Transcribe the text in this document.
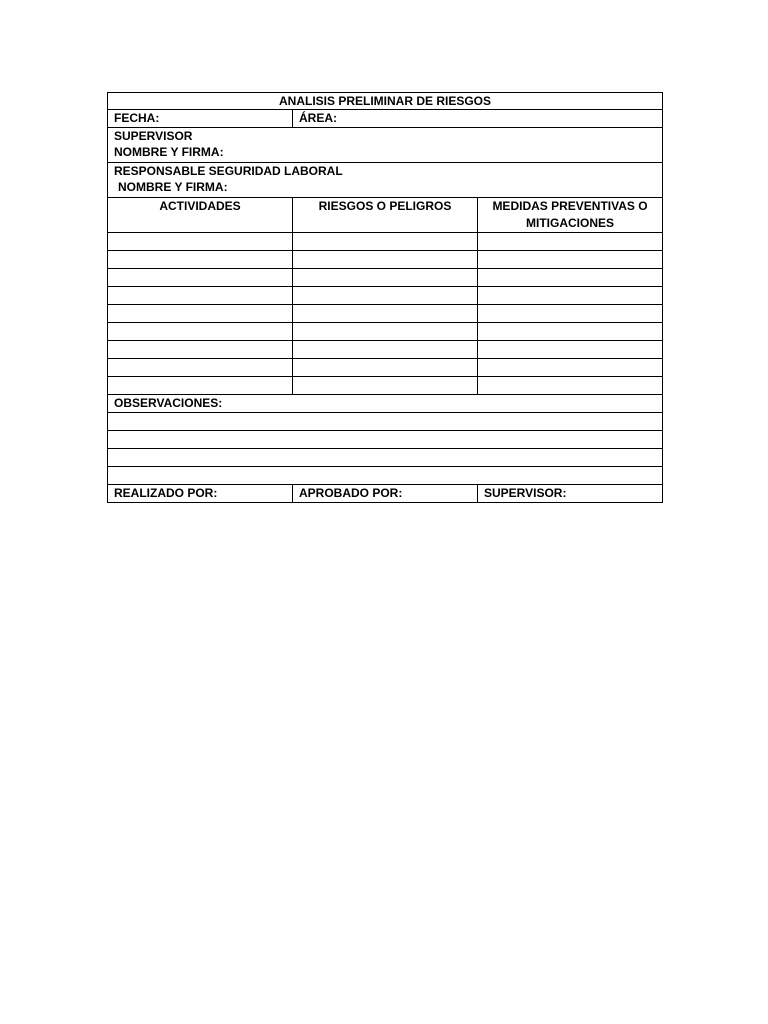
ANALISIS PRELIMINAR DE RIESGOS		
FECHA:	ÁREA:	

SUPERVISOR
NOMBRE Y FIRMA:		

RESPONSABLE SEGURIDAD LABORAL
NOMBRE Y FIRMA:		

ACTIVIDADES	RIESGOS O PELIGROS	MEDIDAS PREVENTIVAS O MITIGACIONES

OBSERVACIONES:		

REALIZADO POR:	APROBADO POR:	SUPERVISOR:
